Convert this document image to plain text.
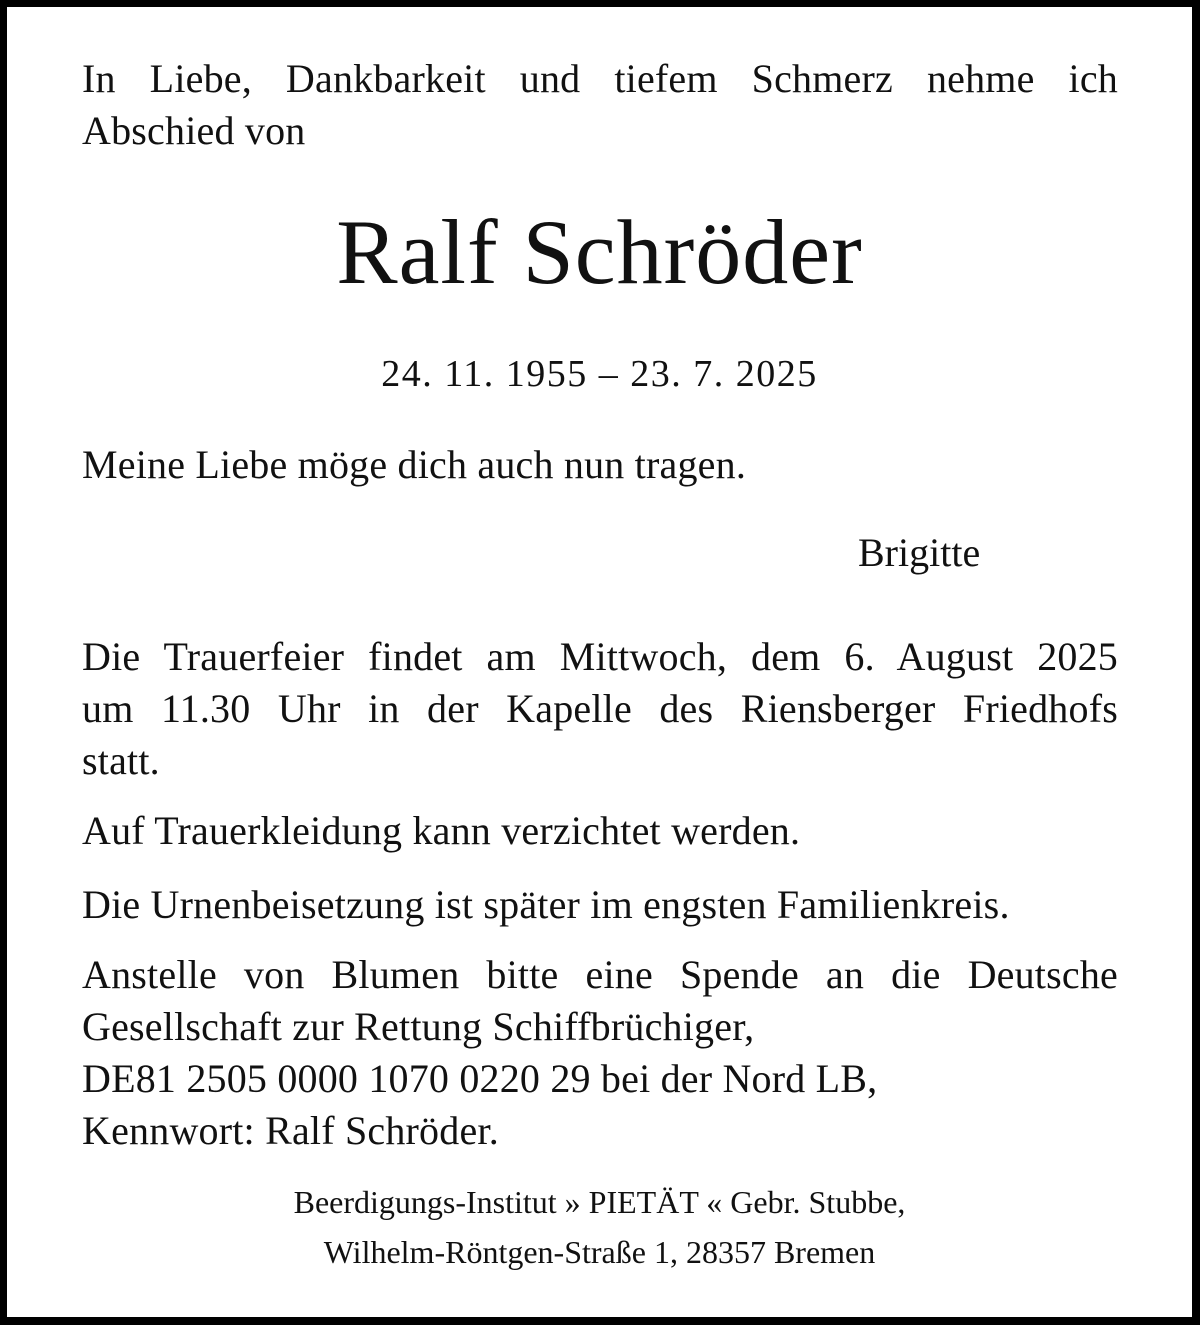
In Liebe, Dankbarkeit und tiefem Schmerz nehme ich
Abschied von
Ralf Schröder
24. 11. 1955 – 23. 7. 2025
Meine Liebe möge dich auch nun tragen.
Brigitte
Die Trauerfeier findet am Mittwoch, dem 6. August 2025
um 11.30 Uhr in der Kapelle des Riensberger Friedhofs
statt.
Auf Trauerkleidung kann verzichtet werden.
Die Urnenbeisetzung ist später im engsten Familienkreis.
Anstelle von Blumen bitte eine Spende an die Deutsche
Gesellschaft zur Rettung Schiffbrüchiger,
DE81 2505 0000 1070 0220 29 bei der Nord LB,
Kennwort: Ralf Schröder.
Beerdigungs-Institut » PIETÄT « Gebr. Stubbe,
Wilhelm-Röntgen-Straße 1, 28357 Bremen
